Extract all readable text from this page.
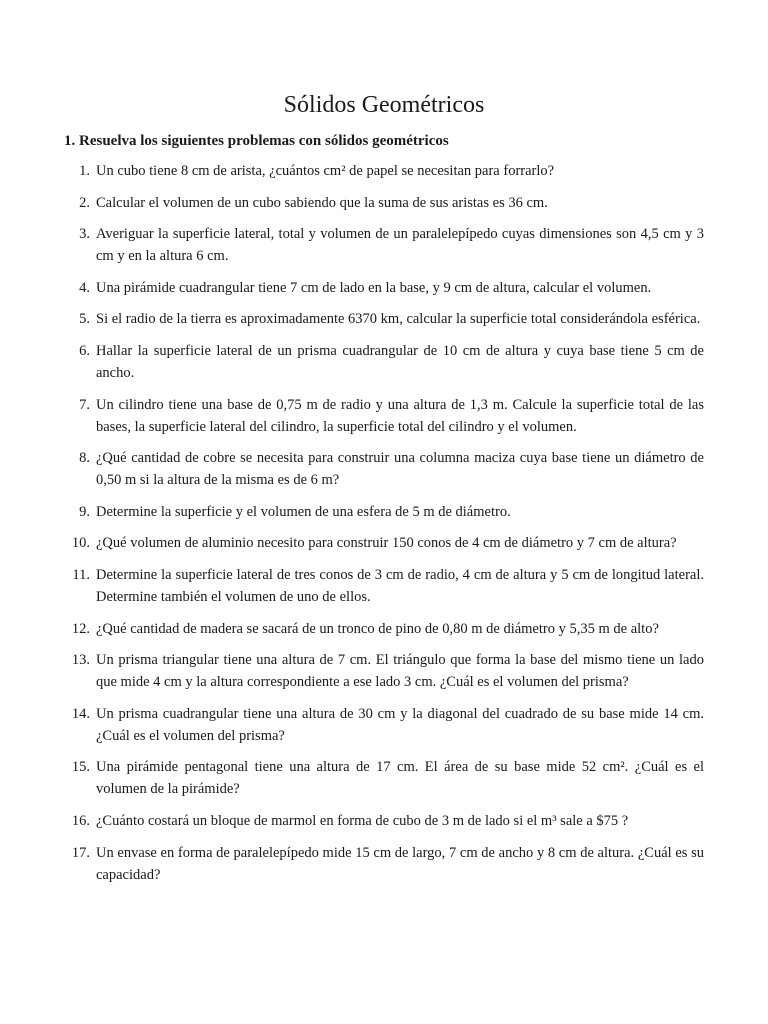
Sólidos Geométricos

1. Resuelva los siguientes problemas con sólidos geométricos

1. Un cubo tiene 8 cm de arista, ¿cuántos cm² de papel se necesitan para forrarlo?
2. Calcular el volumen de un cubo sabiendo que la suma de sus aristas es 36 cm.
3. Averiguar la superficie lateral, total y volumen de un paralelepípedo cuyas dimensiones son 4,5 cm y 3 cm y en la altura 6 cm.
4. Una pirámide cuadrangular tiene 7 cm de lado en la base, y 9 cm de altura, calcular el volumen.
5. Si el radio de la tierra es aproximadamente 6370 km, calcular la superficie total considerándola esférica.
6. Hallar la superficie lateral de un prisma cuadrangular de 10 cm de altura y cuya base tiene 5 cm de ancho.
7. Un cilindro tiene una base de 0,75 m de radio y una altura de 1,3 m. Calcule la superficie total de las bases, la superficie lateral del cilindro, la superficie total del cilindro y el volumen.
8. ¿Qué cantidad de cobre se necesita para construir una columna maciza cuya base tiene un diámetro de 0,50 m si la altura de la misma es de 6 m?
9. Determine la superficie y el volumen de una esfera de 5 m de diámetro.
10. ¿Qué volumen de aluminio necesito para construir 150 conos de 4 cm de diámetro y 7 cm de altura?
11. Determine la superficie lateral de tres conos de 3 cm de radio, 4 cm de altura y 5 cm de longitud lateral. Determine también el volumen de uno de ellos.
12. ¿Qué cantidad de madera se sacará de un tronco de pino de 0,80 m de diámetro y 5,35 m de alto?
13. Un prisma triangular tiene una altura de 7 cm. El triángulo que forma la base del mismo tiene un lado que mide 4 cm y la altura correspondiente a ese lado 3 cm. ¿Cuál es el volumen del prisma?
14. Un prisma cuadrangular tiene una altura de 30 cm y la diagonal del cuadrado de su base mide 14 cm. ¿Cuál es el volumen del prisma?
15. Una pirámide pentagonal tiene una altura de 17 cm. El área de su base mide 52 cm². ¿Cuál es el volumen de la pirámide?
16. ¿Cuánto costará un bloque de marmol en forma de cubo de 3 m de lado si el m³ sale a $75 ?
17. Un envase en forma de paralelepípedo mide 15 cm de largo, 7 cm de ancho y 8 cm de altura. ¿Cuál es su capacidad?
